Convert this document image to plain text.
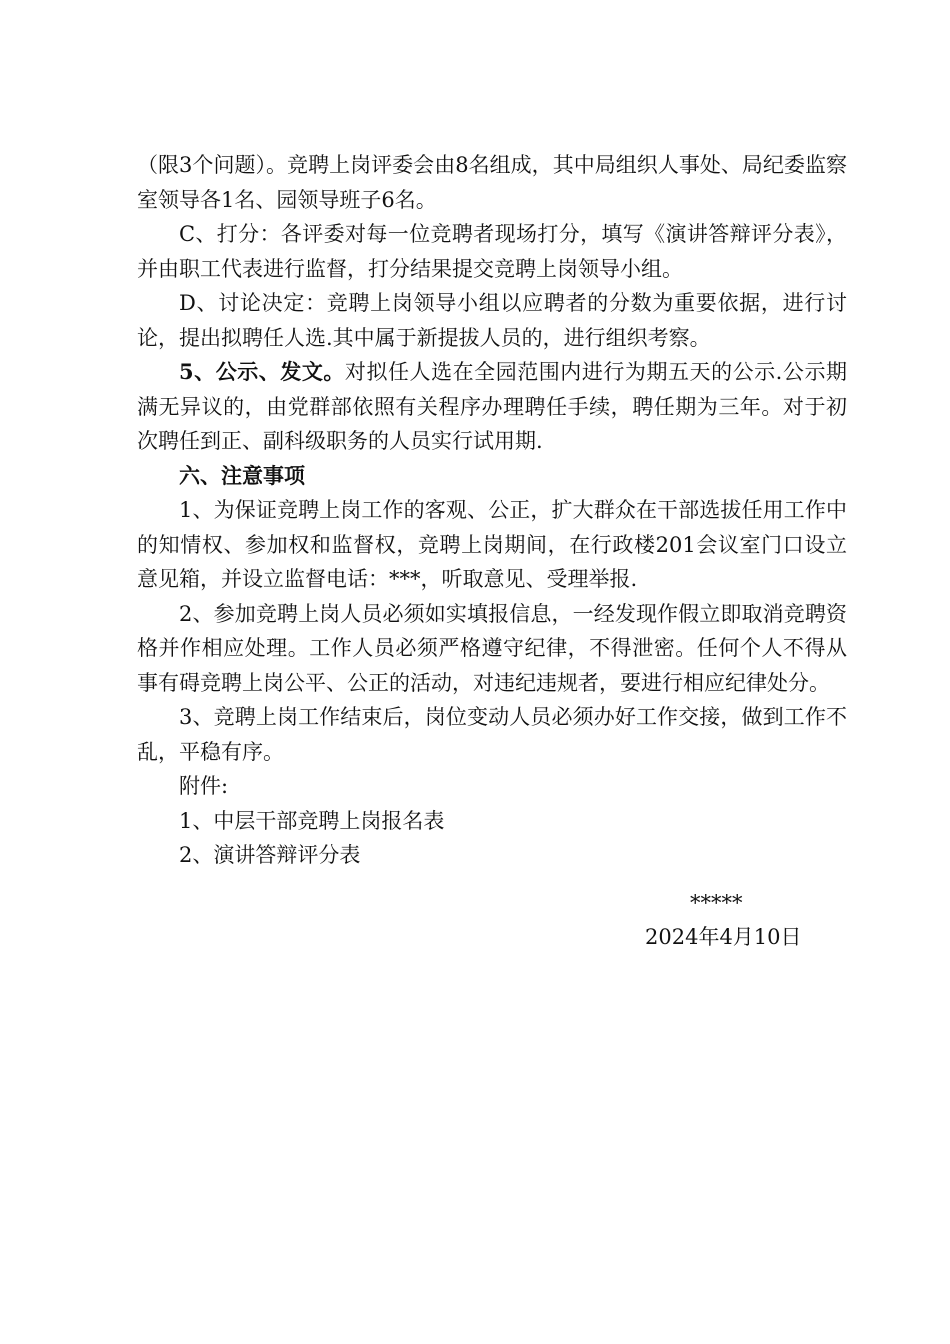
（限3个问题）。竞聘上岗评委会由8名组成，其中局组织人事处、局纪委监察室领导各1名、园领导班子6名。

C、打分：各评委对每一位竞聘者现场打分，填写《演讲答辩评分表》，并由职工代表进行监督，打分结果提交竞聘上岗领导小组。

D、讨论决定：竞聘上岗领导小组以应聘者的分数为重要依据，进行讨论，提出拟聘任人选.其中属于新提拔人员的，进行组织考察。

5、公示、发文。对拟任人选在全园范围内进行为期五天的公示.公示期满无异议的，由党群部依照有关程序办理聘任手续，聘任期为三年。对于初次聘任到正、副科级职务的人员实行试用期.

六、注意事项

1、为保证竞聘上岗工作的客观、公正，扩大群众在干部选拔任用工作中的知情权、参加权和监督权，竞聘上岗期间，在行政楼201会议室门口设立意见箱，并设立监督电话：***，听取意见、受理举报.

2、参加竞聘上岗人员必须如实填报信息，一经发现作假立即取消竞聘资格并作相应处理。工作人员必须严格遵守纪律，不得泄密。任何个人不得从事有碍竞聘上岗公平、公正的活动，对违纪违规者，要进行相应纪律处分。

3、竞聘上岗工作结束后，岗位变动人员必须办好工作交接，做到工作不乱，平稳有序。

附件:

1、中层干部竞聘上岗报名表

2、演讲答辩评分表

*****
2024年4月10日
